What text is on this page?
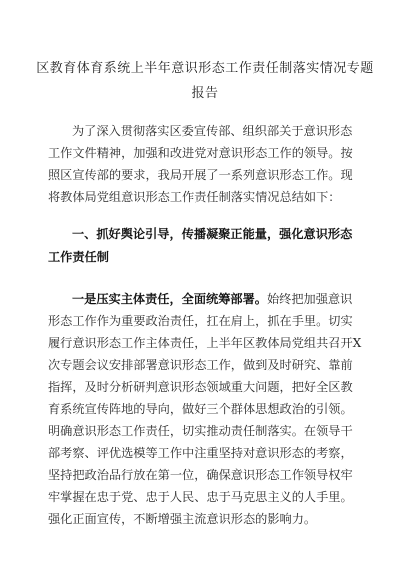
区教育体育系统上半年意识形态工作责任制落实情况专题
报告
为了深入贯彻落实区委宣传部、组织部关于意识形态
工作文件精神，加强和改进党对意识形态工作的领导。按
照区宣传部的要求，我局开展了一系列意识形态工作。现
将教体局党组意识形态工作责任制落实情况总结如下：
一、抓好舆论引导，传播凝聚正能量，强化意识形态
工作责任制
一是压实主体责任，全面统筹部署。始终把加强意识
形态工作作为重要政治责任，扛在肩上，抓在手里。切实
履行意识形态工作主体责任，上半年区教体局党组共召开X
次专题会议安排部署意识形态工作，做到及时研究、靠前
指挥，及时分析研判意识形态领域重大问题，把好全区教
育系统宣传阵地的导向，做好三个群体思想政治的引领。
明确意识形态工作责任，切实推动责任制落实。在领导干
部考察、评优选模等工作中注重坚持对意识形态的考察，
坚持把政治品行放在第一位，确保意识形态工作领导权牢
牢掌握在忠于党、忠于人民、忠于马克思主义的人手里。
强化正面宣传，不断增强主流意识形态的影响力。
